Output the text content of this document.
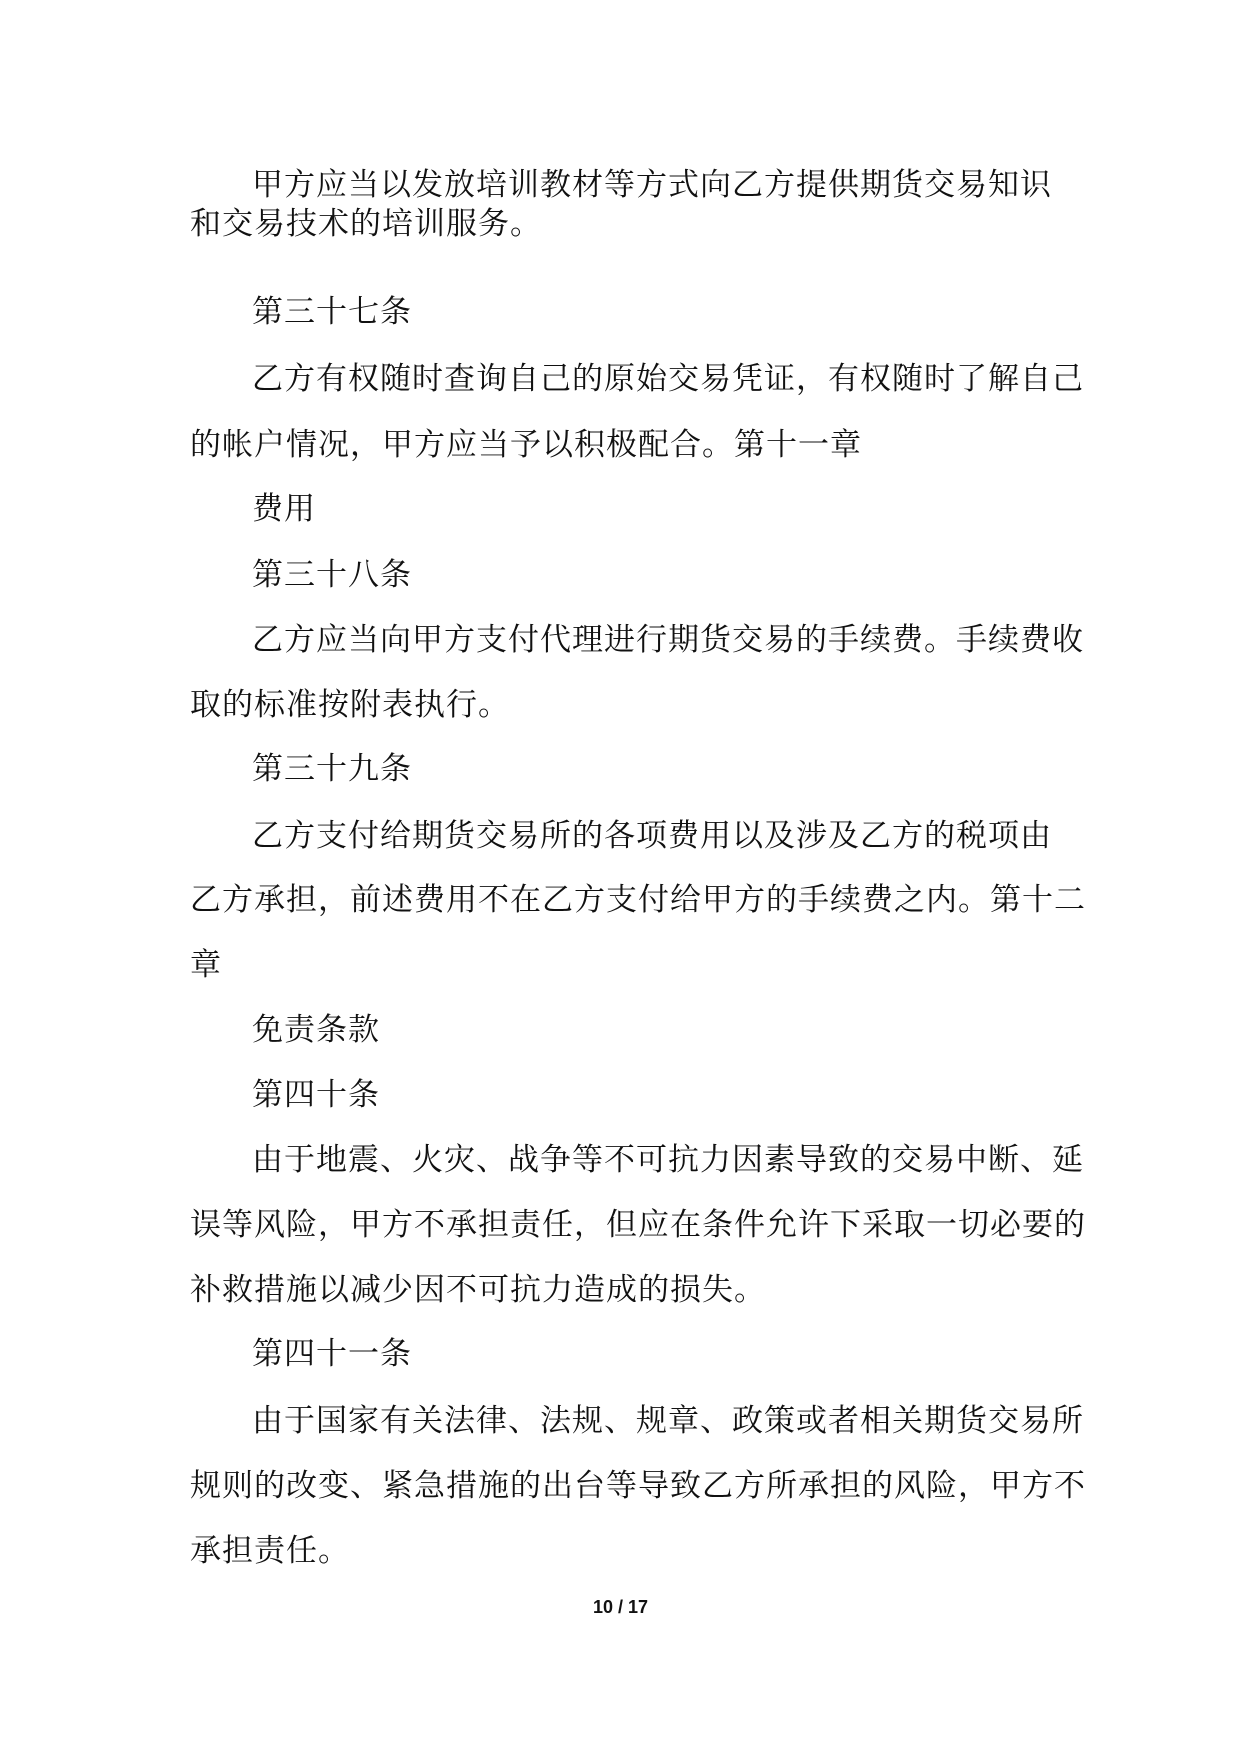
甲方应当以发放培训教材等方式向乙方提供期货交易知识
和交易技术的培训服务。
第三十七条
乙方有权随时查询自己的原始交易凭证，有权随时了解自己
的帐户情况，甲方应当予以积极配合。第十一章
费用
第三十八条
乙方应当向甲方支付代理进行期货交易的手续费。手续费收
取的标准按附表执行。
第三十九条
乙方支付给期货交易所的各项费用以及涉及乙方的税项由
乙方承担，前述费用不在乙方支付给甲方的手续费之内。第十二
章
免责条款
第四十条
由于地震、火灾、战争等不可抗力因素导致的交易中断、延
误等风险，甲方不承担责任，但应在条件允许下采取一切必要的
补救措施以减少因不可抗力造成的损失。
第四十一条
由于国家有关法律、法规、规章、政策或者相关期货交易所
规则的改变、紧急措施的出台等导致乙方所承担的风险，甲方不
承担责任。
10 / 17
